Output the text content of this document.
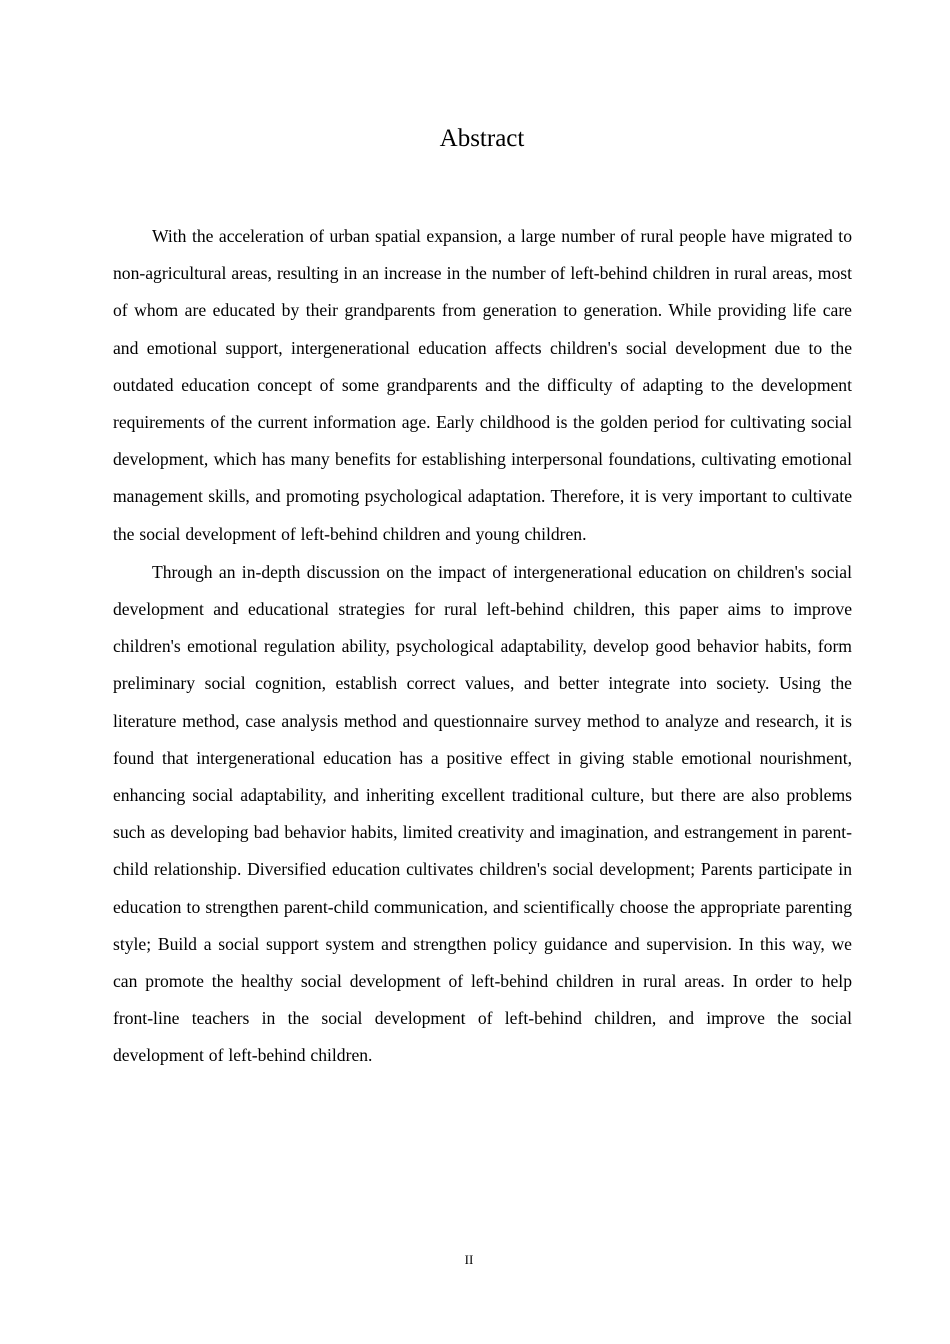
Abstract

With the acceleration of urban spatial expansion, a large number of rural people have migrated to non-agricultural areas, resulting in an increase in the number of left-behind children in rural areas, most of whom are educated by their grandparents from generation to generation. While providing life care and emotional support, intergenerational education affects children's social development due to the outdated education concept of some grandparents and the difficulty of adapting to the development requirements of the current information age. Early childhood is the golden period for cultivating social development, which has many benefits for establishing interpersonal foundations, cultivating emotional management skills, and promoting psychological adaptation. Therefore, it is very important to cultivate the social development of left-behind children and young children.

Through an in-depth discussion on the impact of intergenerational education on children's social development and educational strategies for rural left-behind children, this paper aims to improve children's emotional regulation ability, psychological adaptability, develop good behavior habits, form preliminary social cognition, establish correct values, and better integrate into society. Using the literature method, case analysis method and questionnaire survey method to analyze and research, it is found that intergenerational education has a positive effect in giving stable emotional nourishment, enhancing social adaptability, and inheriting excellent traditional culture, but there are also problems such as developing bad behavior habits, limited creativity and imagination, and estrangement in parent-child relationship. Diversified education cultivates children's social development; Parents participate in education to strengthen parent-child communication, and scientifically choose the appropriate parenting style; Build a social support system and strengthen policy guidance and supervision. In this way, we can promote the healthy social development of left-behind children in rural areas. In order to help front-line teachers in the social development of left-behind children, and improve the social development of left-behind children.

II
